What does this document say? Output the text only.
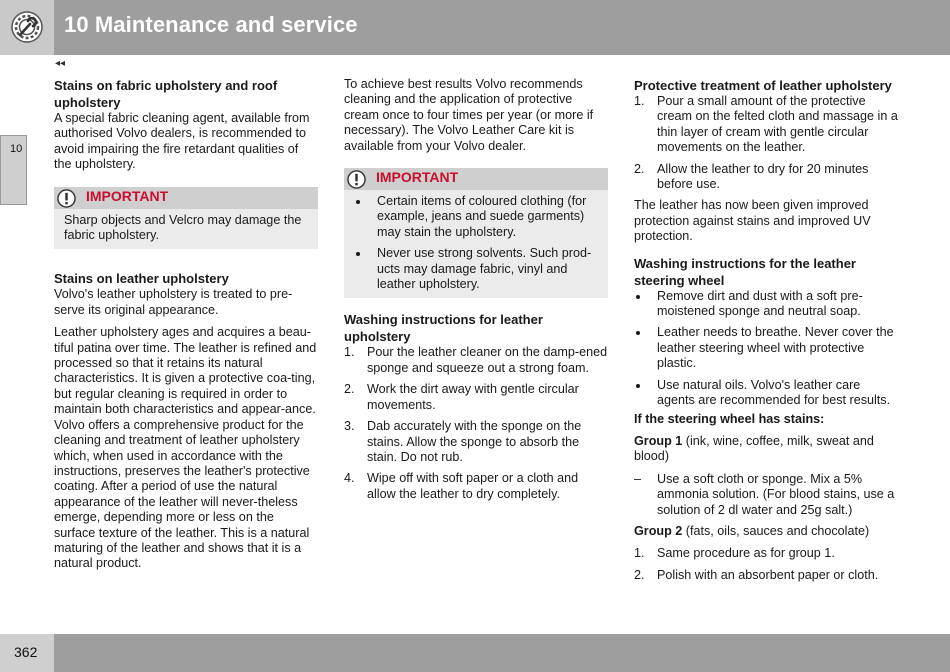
10 Maintenance and service
◂◂
10
Stains on fabric upholstery and roof upholstery

A special fabric cleaning agent, available from authorised Volvo dealers, is recommended to avoid impairing the fire retardant qualities of the upholstery.

IMPORTANT
Sharp objects and Velcro may damage the fabric upholstery.
Stains on leather upholstery

Volvo's leather upholstery is treated to pre-serve its original appearance.

Leather upholstery ages and acquires a beau-tiful patina over time. The leather is refined and processed so that it retains its natural characteristics. It is given a protective coa-ting, but regular cleaning is required in order to maintain both characteristics and appear-ance. Volvo offers a comprehensive product for the cleaning and treatment of leather upholstery which, when used in accordance with the instructions, preserves the leather's protective coating. After a period of use the natural appearance of the leather will never-theless emerge, depending more or less on the surface texture of the leather. This is a natural maturing of the leather and shows that it is a natural product.

To achieve best results Volvo recommends cleaning and the application of protective cream once to four times per year (or more if necessary). The Volvo Leather Care kit is available from your Volvo dealer.

IMPORTANT
Certain items of coloured clothing (for example, jeans and suede garments) may stain the upholstery.
Never use strong solvents. Such prod-ucts may damage fabric, vinyl and leather upholstery.
Washing instructions for leather upholstery
1. Pour the leather cleaner on the damp-ened sponge and squeeze out a strong foam.
2. Work the dirt away with gentle circular movements.
3. Dab accurately with the sponge on the stains. Allow the sponge to absorb the stain. Do not rub.
4. Wipe off with soft paper or a cloth and allow the leather to dry completely.
Protective treatment of leather upholstery
1. Pour a small amount of the protective cream on the felted cloth and massage in a thin layer of cream with gentle circular movements on the leather.
2. Allow the leather to dry for 20 minutes before use.

The leather has now been given improved protection against stains and improved UV protection.

Washing instructions for the leather steering wheel
Remove dirt and dust with a soft pre-moistened sponge and neutral soap.
Leather needs to breathe. Never cover the leather steering wheel with protective plastic.
Use natural oils. Volvo's leather care agents are recommended for best results.

If the steering wheel has stains:

Group 1 (ink, wine, coffee, milk, sweat and blood)

– Use a soft cloth or sponge. Mix a 5% ammonia solution. (For blood stains, use a solution of 2 dl water and 25g salt.)

Group 2 (fats, oils, sauces and chocolate)

1. Same procedure as for group 1.
2. Polish with an absorbent paper or cloth.
362
